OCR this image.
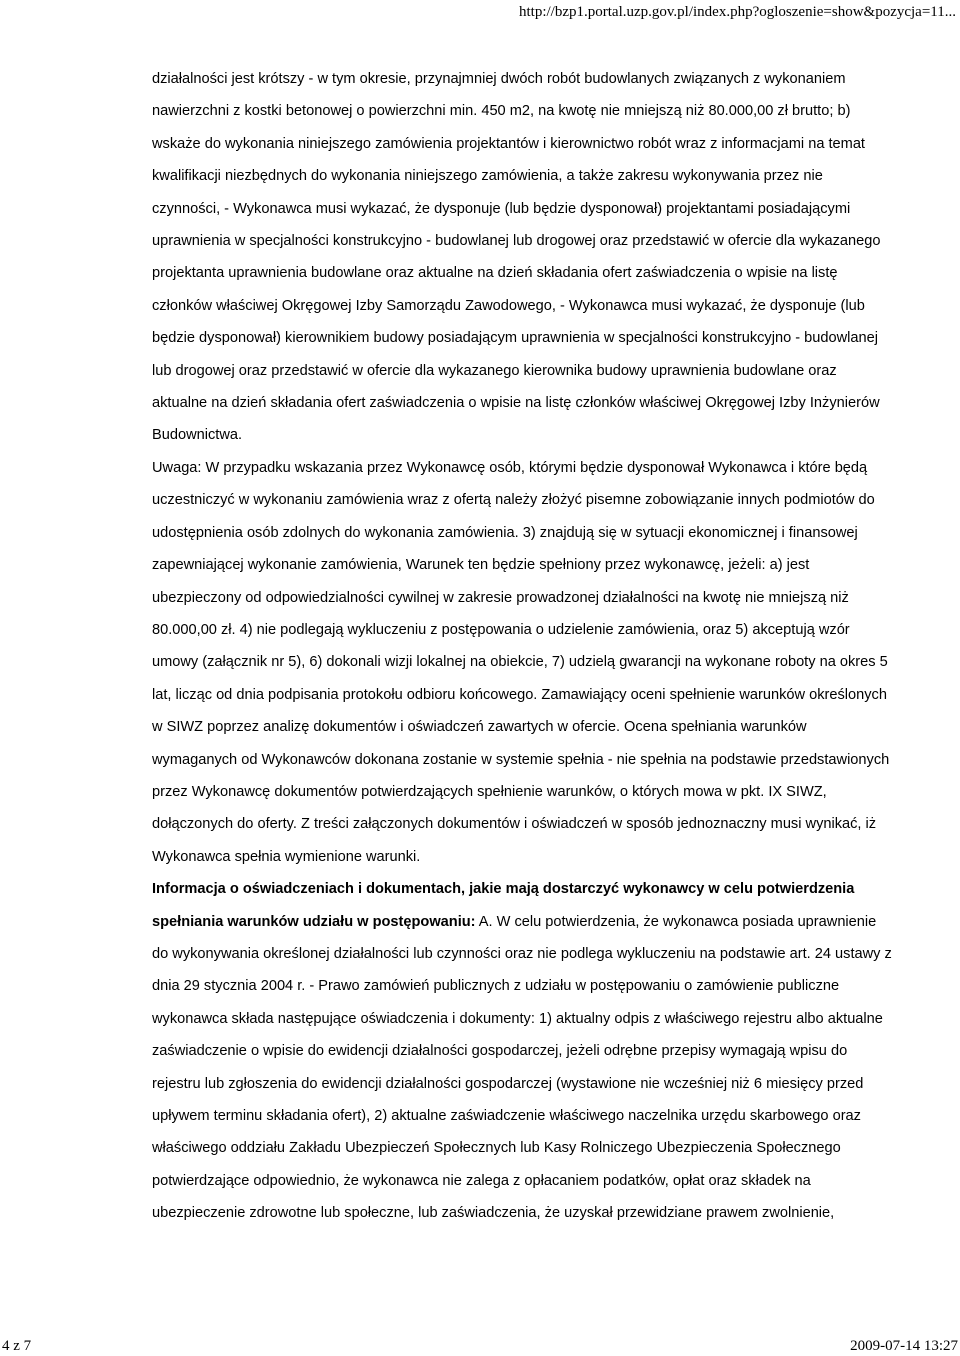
http://bzp1.portal.uzp.gov.pl/index.php?ogloszenie=show&pozycja=11...

działalności jest krótszy - w tym okresie, przynajmniej dwóch robót budowlanych związanych z wykonaniem nawierzchni z kostki betonowej o powierzchni min. 450 m2, na kwotę nie mniejszą niż 80.000,00 zł brutto; b) wskaże do wykonania niniejszego zamówienia projektantów i kierownictwo robót wraz z informacjami na temat kwalifikacji niezbędnych do wykonania niniejszego zamówienia, a także zakresu wykonywania przez nie czynności, - Wykonawca musi wykazać, że dysponuje (lub będzie dysponował) projektantami posiadającymi uprawnienia w specjalności konstrukcyjno - budowlanej lub drogowej oraz przedstawić w ofercie dla wykazanego projektanta uprawnienia budowlane oraz aktualne na dzień składania ofert zaświadczenia o wpisie na listę członków właściwej Okręgowej Izby Samorządu Zawodowego, - Wykonawca musi wykazać, że dysponuje (lub będzie dysponował) kierownikiem budowy posiadającym uprawnienia w specjalności konstrukcyjno - budowlanej lub drogowej oraz przedstawić w ofercie dla wykazanego kierownika budowy uprawnienia budowlane oraz aktualne na dzień składania ofert zaświadczenia o wpisie na listę członków właściwej Okręgowej Izby Inżynierów Budownictwa.

Uwaga: W przypadku wskazania przez Wykonawcę osób, którymi będzie dysponował Wykonawca i które będą uczestniczyć w wykonaniu zamówienia wraz z ofertą należy złożyć pisemne zobowiązanie innych podmiotów do udostępnienia osób zdolnych do wykonania zamówienia. 3) znajdują się w sytuacji ekonomicznej i finansowej zapewniającej wykonanie zamówienia, Warunek ten będzie spełniony przez wykonawcę, jeżeli: a) jest ubezpieczony od odpowiedzialności cywilnej w zakresie prowadzonej działalności na kwotę nie mniejszą niż 80.000,00 zł. 4) nie podlegają wykluczeniu z postępowania o udzielenie zamówienia, oraz 5) akceptują wzór umowy (załącznik nr 5), 6) dokonali wizji lokalnej na obiekcie, 7) udzielą gwarancji na wykonane roboty na okres 5 lat, licząc od dnia podpisania protokołu odbioru końcowego. Zamawiający oceni spełnienie warunków określonych w SIWZ poprzez analizę dokumentów i oświadczeń zawartych w ofercie. Ocena spełniania warunków wymaganych od Wykonawców dokonana zostanie w systemie spełnia - nie spełnia na podstawie przedstawionych przez Wykonawcę dokumentów potwierdzających spełnienie warunków, o których mowa w pkt. IX SIWZ, dołączonych do oferty. Z treści załączonych dokumentów i oświadczeń w sposób jednoznaczny musi wynikać, iż Wykonawca spełnia wymienione warunki.

Informacja o oświadczeniach i dokumentach, jakie mają dostarczyć wykonawcy w celu potwierdzenia spełniania warunków udziału w postępowaniu: A. W celu potwierdzenia, że wykonawca posiada uprawnienie do wykonywania określonej działalności lub czynności oraz nie podlega wykluczeniu na podstawie art. 24 ustawy z dnia 29 stycznia 2004 r. - Prawo zamówień publicznych z udziału w postępowaniu o zamówienie publiczne wykonawca składa następujące oświadczenia i dokumenty: 1) aktualny odpis z właściwego rejestru albo aktualne zaświadczenie o wpisie do ewidencji działalności gospodarczej, jeżeli odrębne przepisy wymagają wpisu do rejestru lub zgłoszenia do ewidencji działalności gospodarczej (wystawione nie wcześniej niż 6 miesięcy przed upływem terminu składania ofert), 2) aktualne zaświadczenie właściwego naczelnika urzędu skarbowego oraz właściwego oddziału Zakładu Ubezpieczeń Społecznych lub Kasy Rolniczego Ubezpieczenia Społecznego potwierdzające odpowiednio, że wykonawca nie zalega z opłacaniem podatków, opłat oraz składek na ubezpieczenie zdrowotne lub społeczne, lub zaświadczenia, że uzyskał przewidziane prawem zwolnienie,

4 z 7	2009-07-14 13:27
